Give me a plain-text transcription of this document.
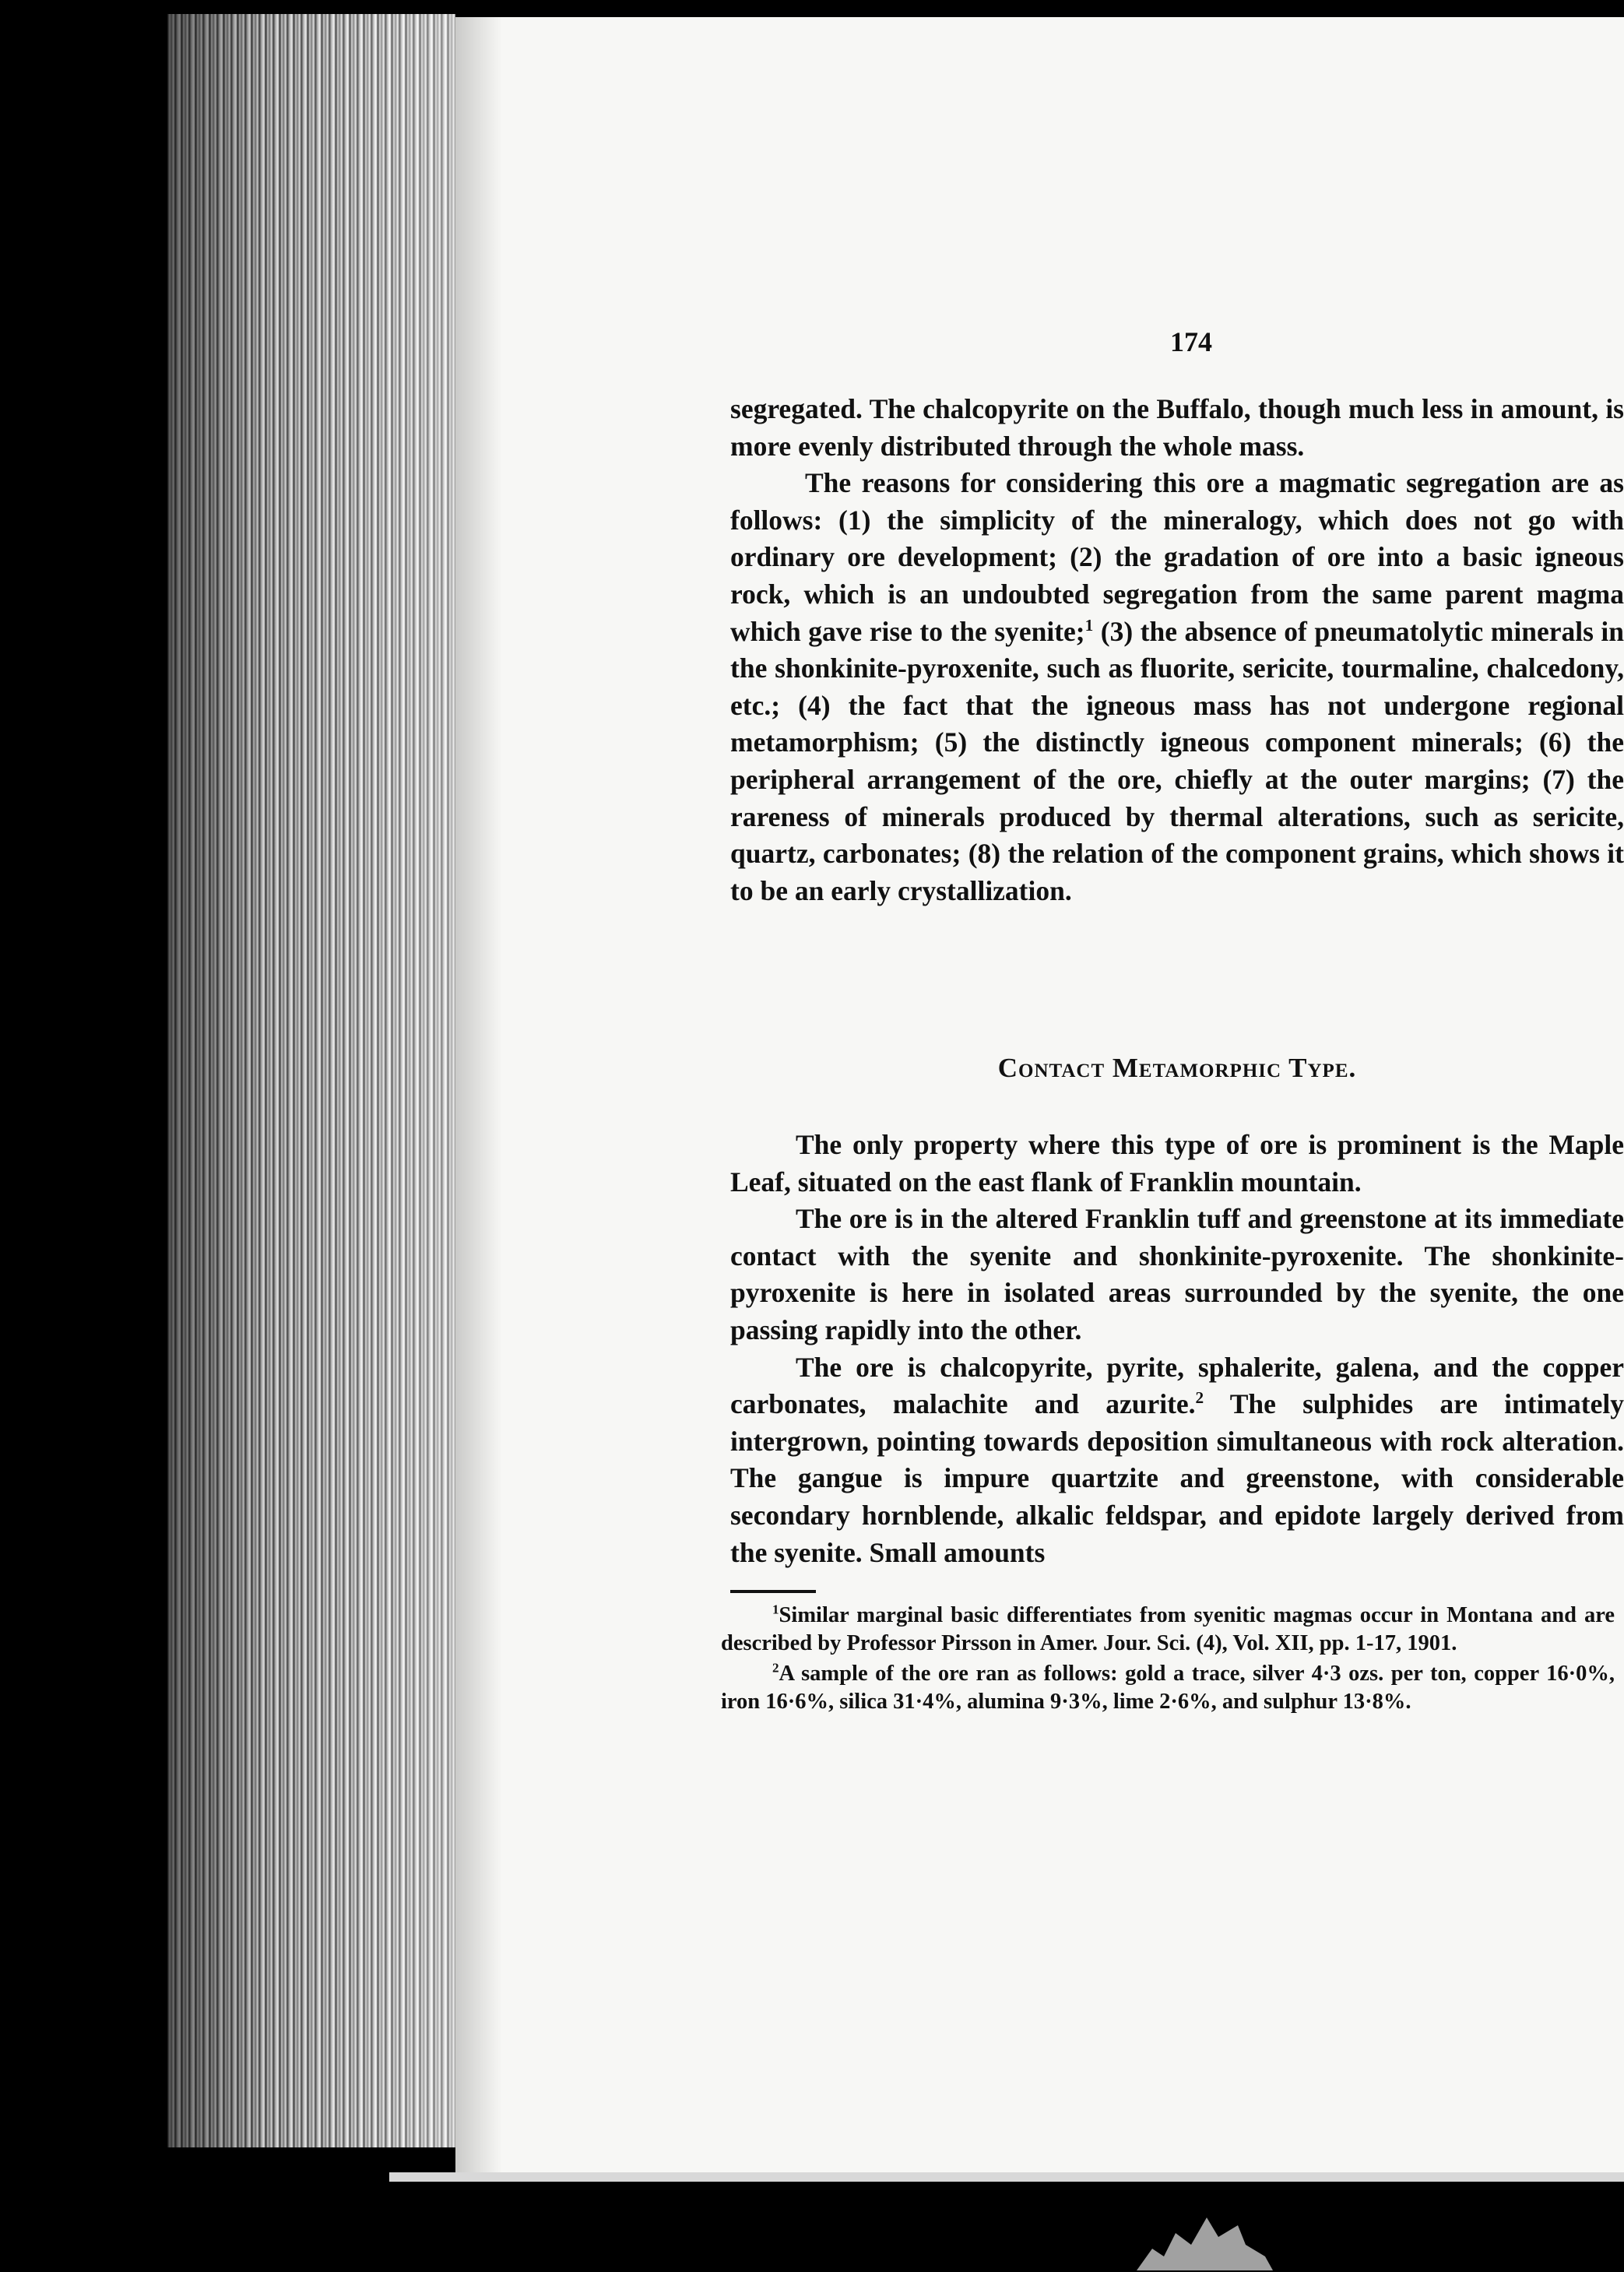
174

segregated. The chalcopyrite on the Buffalo, though much less in amount, is more evenly distributed through the whole mass.

The reasons for considering this ore a magmatic segregation are as follows: (1) the simplicity of the mineralogy, which does not go with ordinary ore development; (2) the gradation of ore into a basic igneous rock, which is an undoubted segregation from the same parent magma which gave rise to the syenite;$^1$ (3) the absence of pneumatolytic minerals in the shonkinite-pyroxenite, such as fluorite, sericite, tourmaline, chalcedony, etc.; (4) the fact that the igneous mass has not undergone regional metamorphism; (5) the distinctly igneous component minerals; (6) the peripheral arrangement of the ore, chiefly at the outer margins; (7) the rareness of minerals produced by thermal alterations, such as sericite, quartz, carbonates; (8) the relation of the component grains, which shows it to be an early crystallization.

Contact Metamorphic Type.

The only property where this type of ore is prominent is the Maple Leaf, situated on the east flank of Franklin mountain.

The ore is in the altered Franklin tuff and greenstone at its immediate contact with the syenite and shonkinite-pyroxenite. The shonkinite-pyroxenite is here in isolated areas surrounded by the syenite, the one passing rapidly into the other.

The ore is chalcopyrite, pyrite, sphalerite, galena, and the copper carbonates, malachite and azurite.$^2$ The sulphides are intimately intergrown, pointing towards deposition simultaneous with rock alteration. The gangue is impure quartzite and greenstone, with considerable secondary hornblende, alkalic feldspar, and epidote largely derived from the syenite. Small amounts

$^1$Similar marginal basic differentiates from syenitic magmas occur in Montana and are described by Professor Pirsson in Amer. Jour. Sci. (4), Vol. XII, pp. 1-17, 1901.

$^2$A sample of the ore ran as follows: gold a trace, silver 4·3 ozs. per ton, copper 16·0%, iron 16·6%, silica 31·4%, alumina 9·3%, lime 2·6%, and sulphur 13·8%.
